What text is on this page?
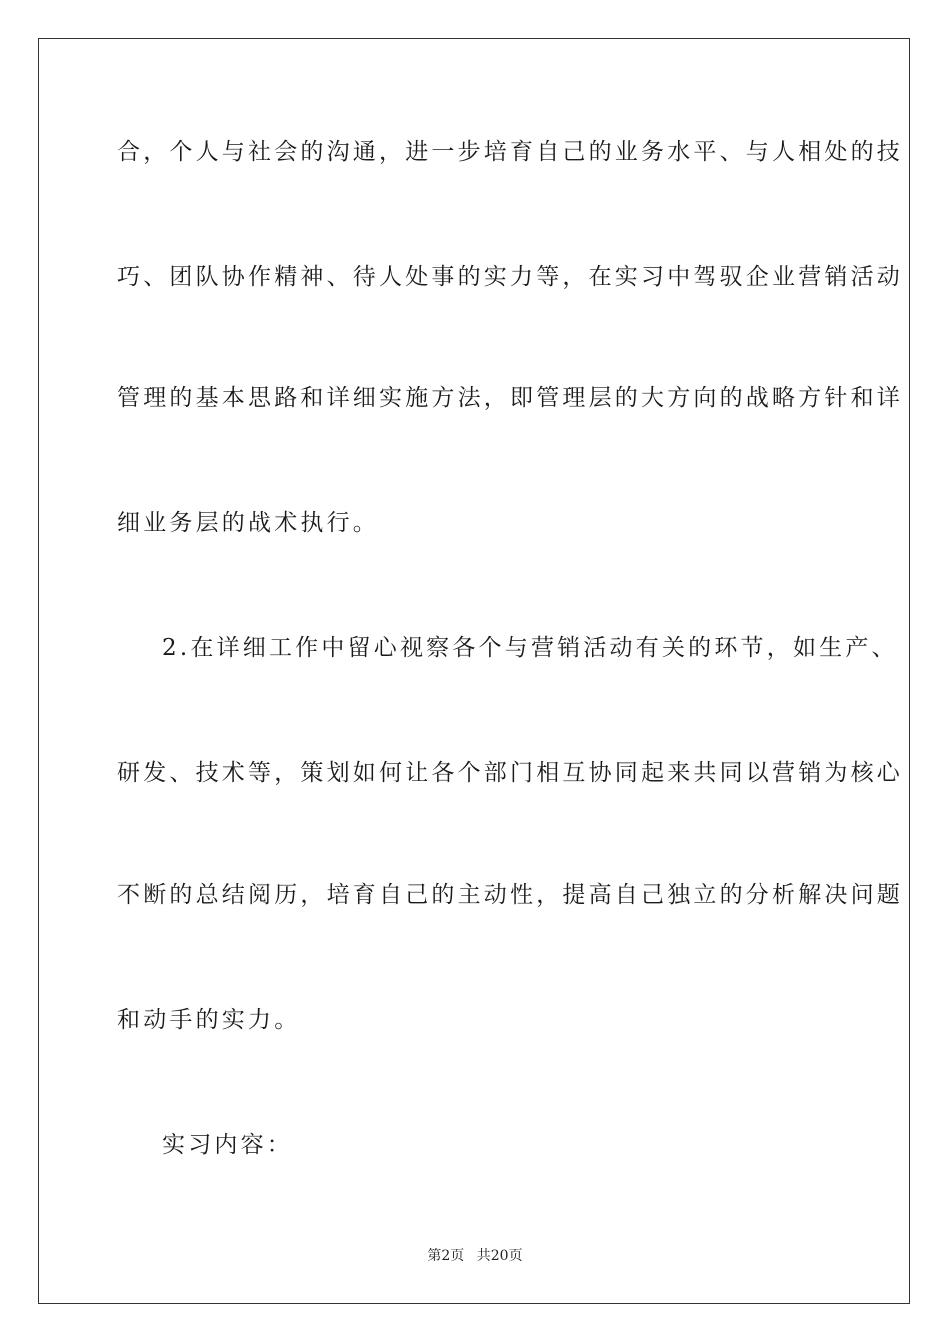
合，个人与社会的沟通，进一步培育自己的业务水平、与人相处的技
巧、团队协作精神、待人处事的实力等，在实习中驾驭企业营销活动
管理的基本思路和详细实施方法，即管理层的大方向的战略方针和详
细业务层的战术执行。
2.在详细工作中留心视察各个与营销活动有关的环节，如生产、
研发、技术等，策划如何让各个部门相互协同起来共同以营销为核心
不断的总结阅历，培育自己的主动性，提高自己独立的分析解决问题
和动手的实力。
实习内容：
第2页 共20页
